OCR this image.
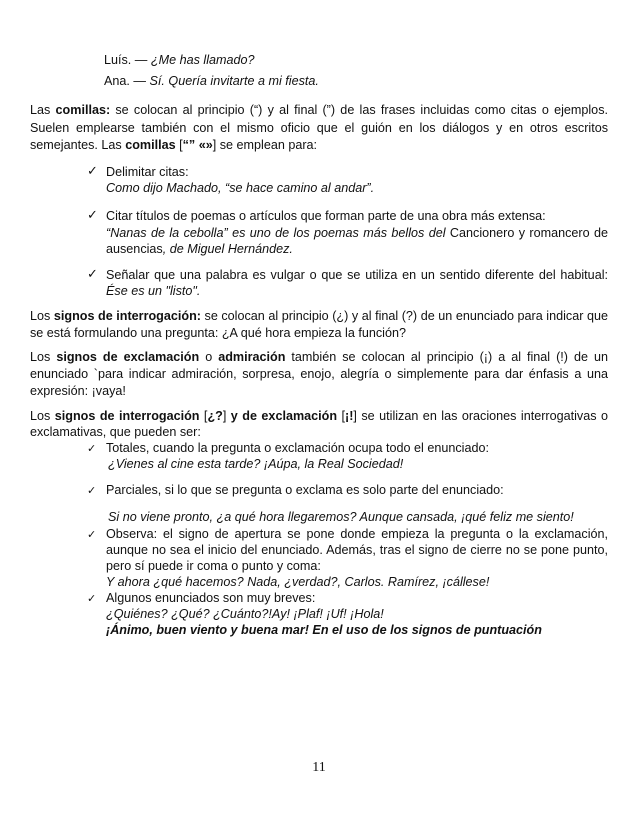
Luís. — ¿Me has llamado?
Ana. — Sí. Quería invitarte a mi fiesta.
Las comillas: se colocan al principio (“) y al final (”) de las frases incluidas como citas o ejemplos.
Suelen emplearse también con el mismo oficio que el guión en los diálogos y en otros escritos
semejantes. Las comillas [“” «»] se emplean para:
✓ Delimitar citas:
Como dijo Machado, “se hace camino al andar”.
✓ Citar títulos de poemas o artículos que forman parte de una obra más extensa:
“Nanas de la cebolla” es uno de los poemas más bellos del Cancionero y romancero de
ausencias, de Miguel Hernández.
✓ Señalar que una palabra es vulgar o que se utiliza en un sentido diferente del habitual:
Ése es un "listo".
Los signos de interrogación: se colocan al principio (¿) y al final (?) de un enunciado para indicar que
se está formulando una pregunta: ¿A qué hora empieza la función?
Los signos de exclamación o admiración también se colocan al principio (¡) a al final (!) de un
enunciado `para indicar admiración, sorpresa, enojo, alegría o simplemente para dar énfasis a una
expresión: ¡vaya!
Los signos de interrogación [¿?] y de exclamación [¡!] se utilizan en las oraciones interrogativas o
exclamativas, que pueden ser:
✓ Totales, cuando la pregunta o exclamación ocupa todo el enunciado:
¿Vienes al cine esta tarde? ¡Aúpa, la Real Sociedad!
✓ Parciales, si lo que se pregunta o exclama es solo parte del enunciado:
Si no viene pronto, ¿a qué hora llegaremos? Aunque cansada, ¡qué feliz me siento!
✓ Observa: el signo de apertura se pone donde empieza la pregunta o la exclamación,
aunque no sea el inicio del enunciado. Además, tras el signo de cierre no se pone punto,
pero sí puede ir coma o punto y coma:
Y ahora ¿qué hacemos? Nada, ¿verdad?, Carlos. Ramírez, ¡cállese!
✓ Algunos enunciados son muy breves:
¿Quiénes? ¿Qué? ¿Cuánto?!Ay! ¡Plaf! ¡Uf! ¡Hola!
¡Ánimo, buen viento y buena mar! En el uso de los signos de puntuación
11
